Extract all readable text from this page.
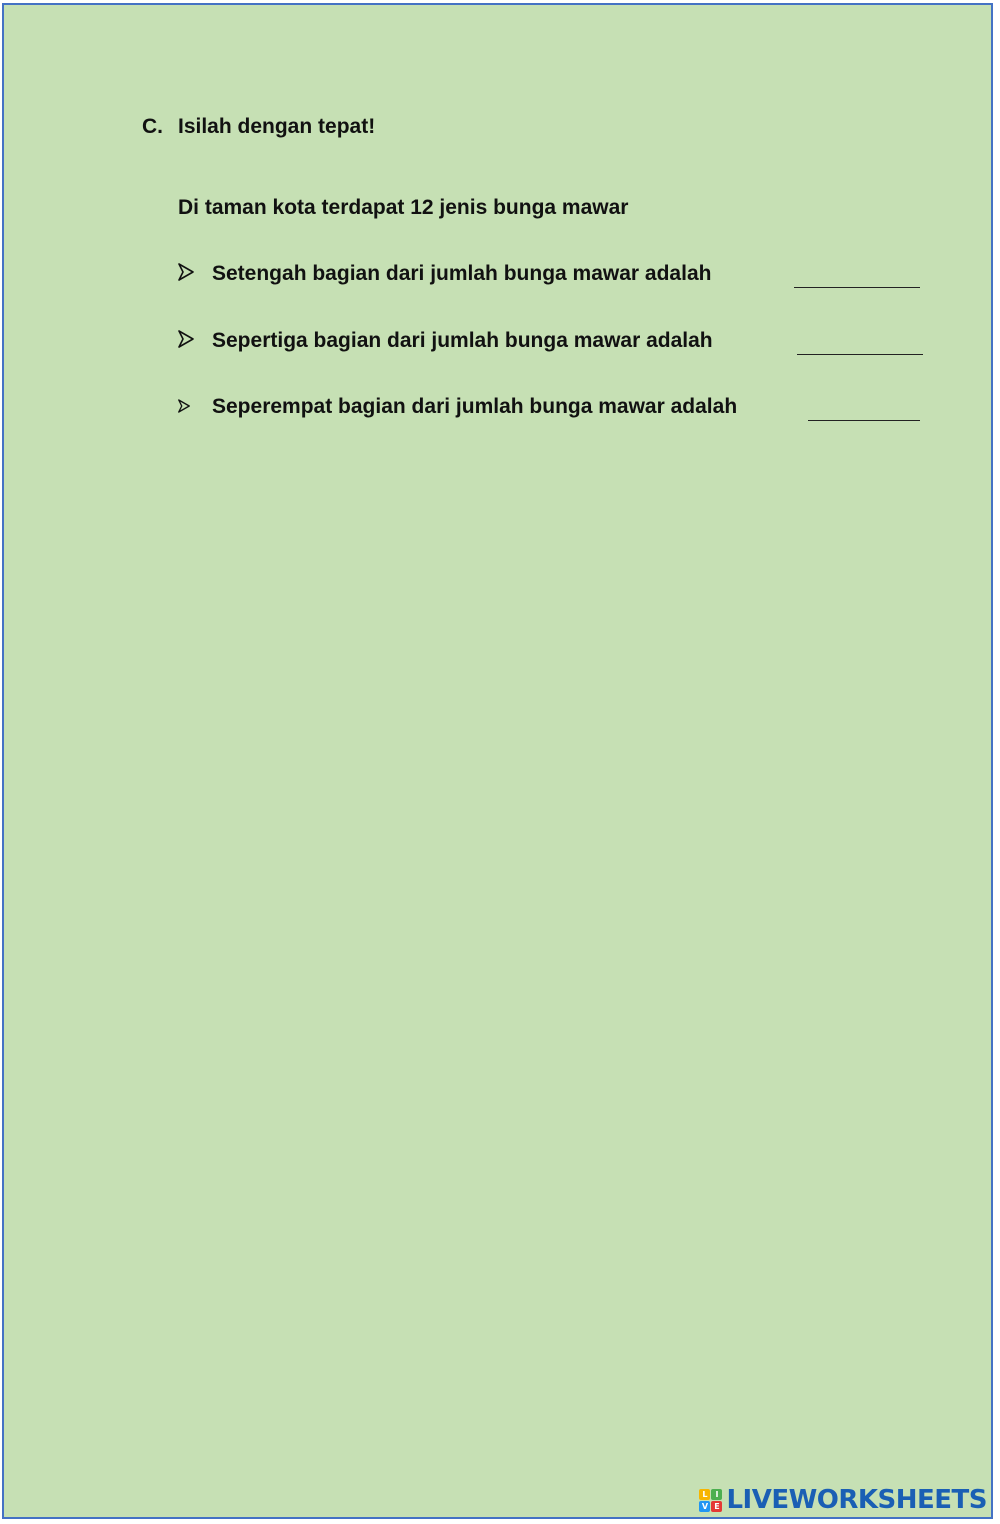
C. Isilah dengan tepat!
Di taman kota terdapat 12 jenis bunga mawar
Setengah bagian dari jumlah bunga mawar adalah
Sepertiga bagian dari jumlah bunga mawar adalah
Seperempat bagian dari jumlah bunga mawar adalah
L I
V E LIVEWORKSHEETS
